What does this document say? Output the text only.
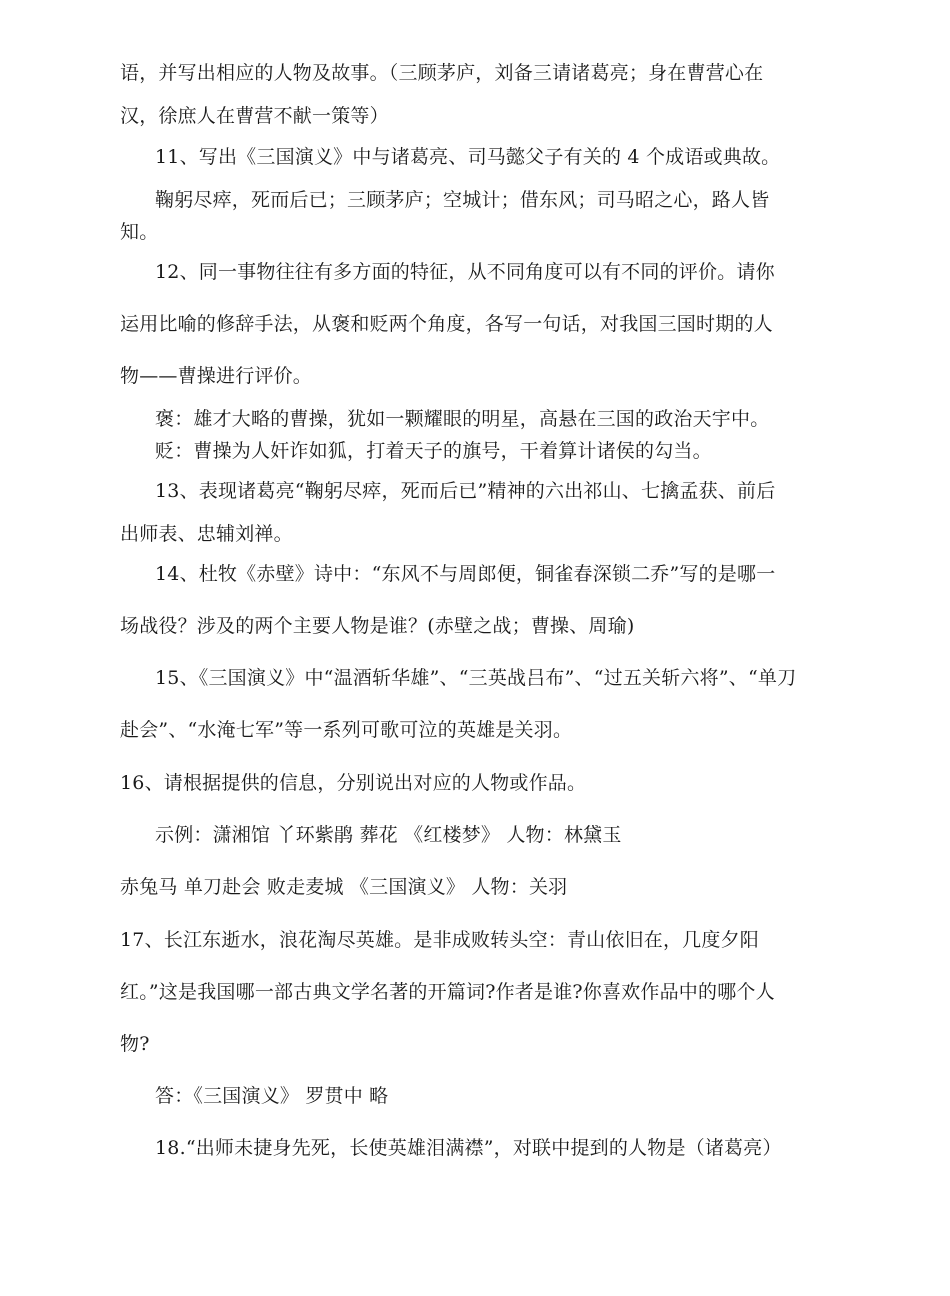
语，并写出相应的人物及故事。（三顾茅庐，刘备三请诸葛亮；身在曹营心在
汉，徐庶人在曹营不献一策等）
11、写出《三国演义》中与诸葛亮、司马懿父子有关的 4 个成语或典故。
鞠躬尽瘁，死而后已；三顾茅庐；空城计；借东风；司马昭之心，路人皆
知。
12、同一事物往往有多方面的特征，从不同角度可以有不同的评价。请你
运用比喻的修辞手法，从褒和贬两个角度，各写一句话，对我国三国时期的人
物——曹操进行评价。
褒：雄才大略的曹操，犹如一颗耀眼的明星，高悬在三国的政治天宇中。
贬：曹操为人奸诈如狐，打着天子的旗号，干着算计诸侯的勾当。
13、表现诸葛亮“鞠躬尽瘁，死而后已”精神的六出祁山、七擒孟获、前后
出师表、忠辅刘禅。
14、杜牧《赤壁》诗中：“东风不与周郎便，铜雀春深锁二乔”写的是哪一
场战役？涉及的两个主要人物是谁？(赤壁之战；曹操、周瑜)
15、《三国演义》中“温酒斩华雄”、“三英战吕布”、“过五关斩六将”、“单刀
赴会”、“水淹七军”等一系列可歌可泣的英雄是关羽。
16、请根据提供的信息，分别说出对应的人物或作品。
示例：潇湘馆 丫环紫鹃 葬花 《红楼梦》 人物：林黛玉
赤兔马 单刀赴会 败走麦城 《三国演义》 人物：关羽
17、长江东逝水，浪花淘尽英雄。是非成败转头空：青山依旧在，几度夕阳
红。”这是我国哪一部古典文学名著的开篇词?作者是谁?你喜欢作品中的哪个人
物?
答：《三国演义》 罗贯中 略
18.“出师未捷身先死，长使英雄泪满襟”，对联中提到的人物是（诸葛亮）
